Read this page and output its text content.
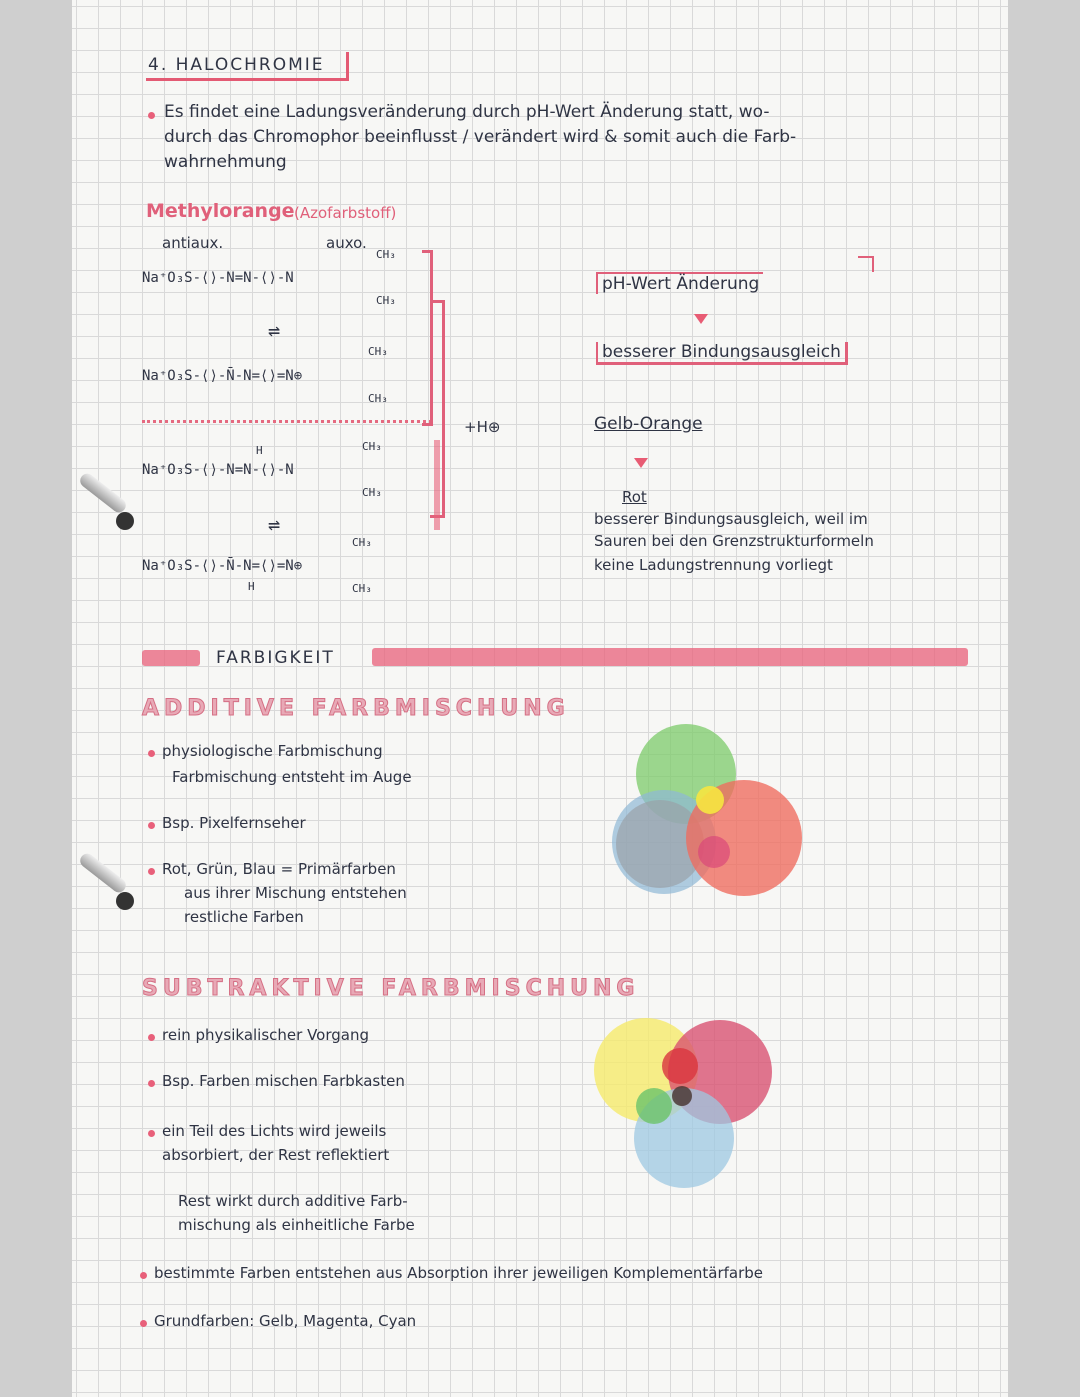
4. HALOCHROMIE
Es findet eine Ladungsveränderung durch pH-Wert Änderung statt, wo-
durch das Chromophor beeinflusst / verändert wird & somit auch die Farb-
wahrnehmung
Methylorange (Azofarbstoff)
antiaux.	auxo.
Na⁺O₃S-⟨⟩-N=N-⟨⟩-N
CH₃
CH₃
⇌
Na⁺O₃S-⟨⟩-N̄-N=⟨⟩=N⊕
CH₃
CH₃
H
Na⁺O₃S-⟨⟩-N=N-⟨⟩-N
CH₃
CH₃
⇌
CH₃
Na⁺O₃S-⟨⟩-N̄-N=⟨⟩=N⊕
H	CH₃
+H⊕
pH-Wert Änderung
besserer Bindungsausgleich
Gelb-Orange
Rot
besserer Bindungsausgleich, weil im
Sauren bei den Grenzstrukturformeln
keine Ladungstrennung vorliegt
FARBIGKEIT
ADDITIVE FARBMISCHUNG
physiologische Farbmischung
Farbmischung entsteht im Auge
Bsp. Pixelfernseher
Rot, Grün, Blau = Primärfarben
aus ihrer Mischung entstehen
restliche Farben
SUBTRAKTIVE FARBMISCHUNG
rein physikalischer Vorgang
Bsp. Farben mischen Farbkasten
ein Teil des Lichts wird jeweils
absorbiert, der Rest reflektiert
Rest wirkt durch additive Farb-
mischung als einheitliche Farbe
bestimmte Farben entstehen aus Absorption ihrer jeweiligen Komplementärfarbe
Grundfarben: Gelb, Magenta, Cyan
